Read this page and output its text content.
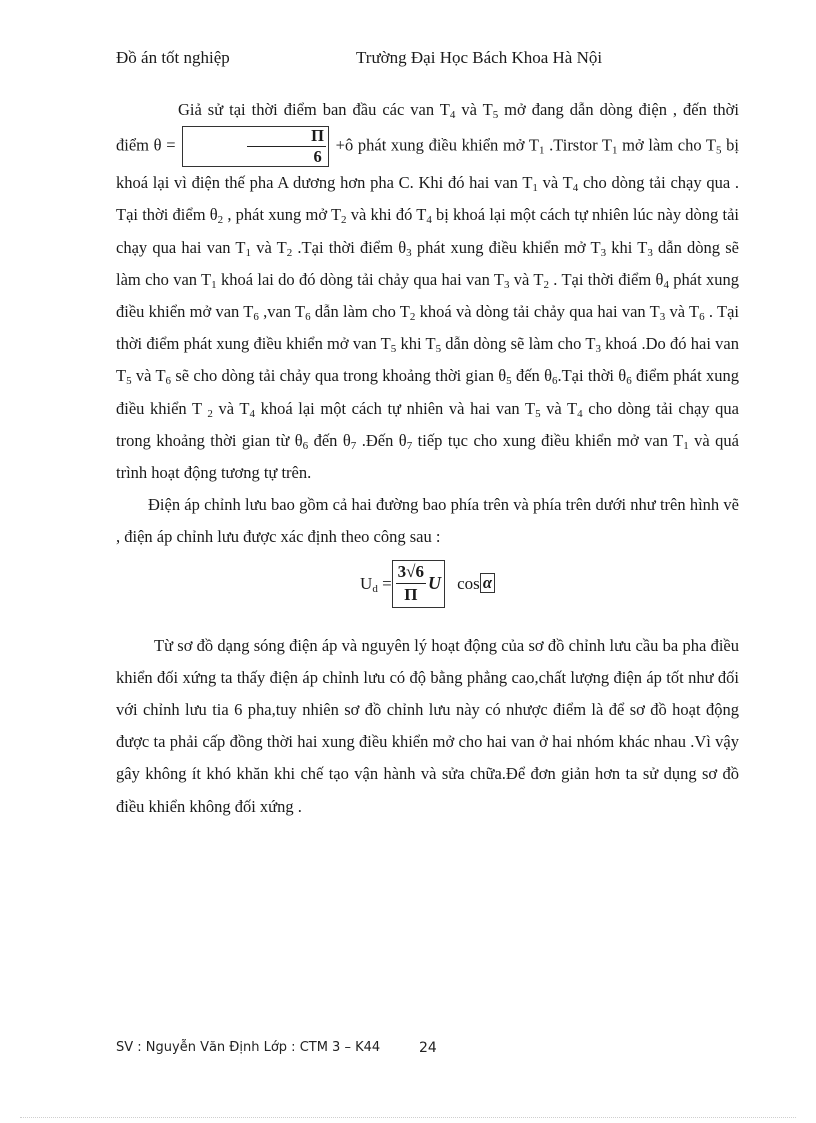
Đồ án tốt nghiệp	Trường Đại Học Bách Khoa Hà Nội

Giả sử tại thời điểm ban đầu các van $T_4$ và $T_5$ mở đang dẫn dòng điện , đến thời điểm θ =	$\frac{\Pi}{6}$ +ô phát xung điều khiển mở $T_1$ .Tirstor $T_1$ mở làm cho $T_5$ bị khoá lại vì điện thế pha A dương hơn pha C. Khi đó hai van $T_1$ và $T_4$ cho dòng tải chạy qua . Tại thời điểm $\theta_2$ , phát xung mở $T_2$ và khi đó $T_4$ bị khoá lại một cách tự nhiên lúc này dòng tải chạy qua hai van $T_1$ và $T_2$ .Tại thời điểm $\theta_3$ phát xung điều khiển mở $T_3$ khi $T_3$ dẫn dòng sẽ làm cho van $T_1$ khoá lai do đó dòng tải chảy qua hai van $T_3$ và $T_2$ . Tại thời điểm $\theta_4$ phát xung điều khiển mở van $T_6$ ,van $T_6$ dẫn làm cho $T_2$ khoá và dòng tải chảy qua hai van $T_3$ và $T_6$ . Tại thời điểm phát xung điều khiển mở van $T_5$ khi $T_5$ dẫn dòng sẽ làm cho $T_3$ khoá .Do đó hai van $T_5$ và $T_6$ sẽ cho dòng tải chảy qua trong khoảng thời gian $\theta_5$ đến $\theta_6.Tại$ thời $\theta_6$ điểm phát xung điều khiển T $_2$ và $T_4$ khoá lại một cách tự nhiên và hai van $T_5$ và $T_4$ cho dòng tải chạy qua trong khoảng thời gian từ $\theta_6$ đến $\theta_7$ .Đến $\theta_7$ tiếp tục cho xung điều khiển mở van $T_1$ và quá trình hoạt động tương tự trên.

Điện áp chỉnh lưu bao gồm cả hai đường bao phía trên và phía trên dưới như trên hình vẽ , điện áp chỉnh lưu được xác định theo công sau :

$U_d = \frac{3√6}{\Pi}$ U cos α

Từ sơ đồ dạng sóng điện áp và nguyên lý hoạt động của sơ đồ chỉnh lưu cầu ba pha điều khiển đối xứng ta thấy điện áp chỉnh lưu có độ bằng phẳng cao,chất lượng điện áp tốt như đối với chỉnh lưu tia 6 pha,tuy nhiên sơ đồ chỉnh lưu này có nhược điểm là để sơ đồ hoạt động được ta phải cấp đồng thời hai xung điều khiển mở cho hai van ở hai nhóm khác nhau .Vì vậy gây không ít khó khăn khi chế tạo vận hành và sửa chữa.Để đơn giản hơn ta sử dụng sơ đồ điều khiển không đối xứng .

SV : Nguyễn Văn Định Lớp : CTM 3 – K44	24
